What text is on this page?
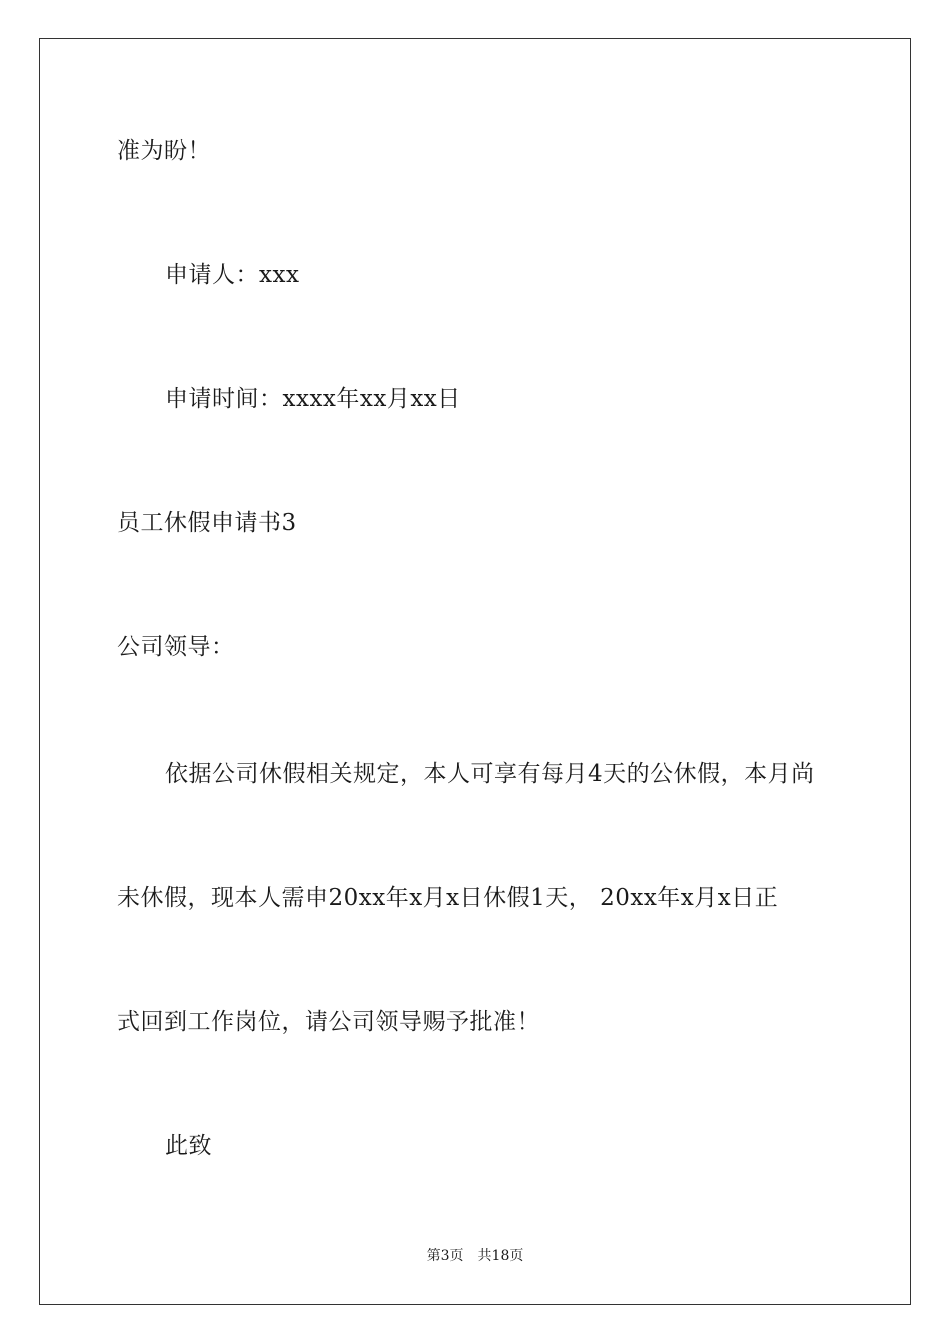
准为盼！
申请人：xxx
申请时间：xxxx年xx月xx日
员工休假申请书3
公司领导：
依据公司休假相关规定，本人可享有每月4天的公休假，本月尚
未休假，现本人需申20xx年x月x日休假1天， 20xx年x月x日正
式回到工作岗位，请公司领导赐予批准！
此致
第3页 共18页
